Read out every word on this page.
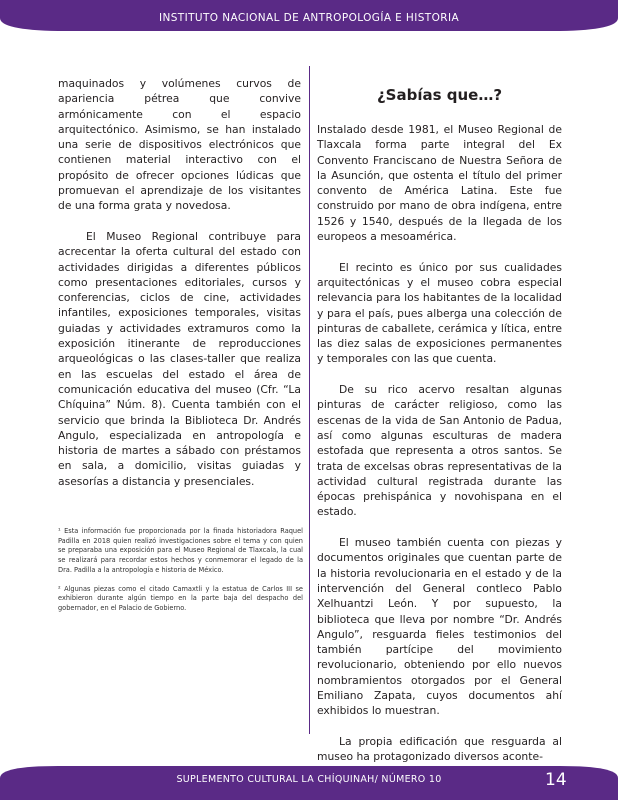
INSTITUTO NACIONAL DE ANTROPOLOGÍA E HISTORIA

maquinados y volúmenes curvos de apariencia pétrea que convive armónicamente con el espacio arquitectónico. Asimismo, se han instalado una serie de dispositivos electrónicos que contienen material interactivo con el propósito de ofrecer opciones lúdicas que promuevan el aprendizaje de los visitantes de una forma grata y novedosa.

El Museo Regional contribuye para acrecentar la oferta cultural del estado con actividades dirigidas a diferentes públicos como presentaciones editoriales, cursos y conferencias, ciclos de cine, actividades infantiles, exposiciones temporales, visitas guiadas y actividades extramuros como la exposición itinerante de reproducciones arqueológicas o las clases-taller que realiza en las escuelas del estado el área de comunicación educativa del museo (Cfr. “La Chíquina” Núm. 8). Cuenta también con el servicio que brinda la Biblioteca Dr. Andrés Angulo, especializada en antropología e historia de martes a sábado con préstamos en sala, a domicilio, visitas guiadas y asesorías a distancia y presenciales.

¹ Esta información fue proporcionada por la finada historiadora Raquel Padilla en 2018 quien realizó investigaciones sobre el tema y con quien se preparaba una exposición para el Museo Regional de Tlaxcala, la cual se realizará para recordar estos hechos y conmemorar el legado de la Dra. Padilla a la antropología e historia de México.

² Algunas piezas como el citado Camaxtli y la estatua de Carlos III se exhibieron durante algún tiempo en la parte baja del despacho del gobernador, en el Palacio de Gobierno.

¿Sabías que…?

Instalado desde 1981, el Museo Regional de Tlaxcala forma parte integral del Ex Convento Franciscano de Nuestra Señora de la Asunción, que ostenta el título del primer convento de América Latina. Este fue construido por mano de obra indígena, entre 1526 y 1540, después de la llegada de los europeos a mesoamérica.

El recinto es único por sus cualidades arquitectónicas y el museo cobra especial relevancia para los habitantes de la localidad y para el país, pues alberga una colección de pinturas de caballete, cerámica y lítica, entre las diez salas de exposiciones permanentes y temporales con las que cuenta.

De su rico acervo resaltan algunas pinturas de carácter religioso, como las escenas de la vida de San Antonio de Padua, así como algunas esculturas de madera estofada que representa a otros santos. Se trata de excelsas obras representativas de la actividad cultural registrada durante las épocas prehispánica y novohispana en el estado.

El museo también cuenta con piezas y documentos originales que cuentan parte de la historia revolucionaria en el estado y de la intervención del General contleco Pablo Xelhuantzi León. Y por supuesto, la biblioteca que lleva por nombre “Dr. Andrés Angulo”, resguarda fieles testimonios del también partícipe del movimiento revolucionario, obteniendo por ello nuevos nombramientos otorgados por el General Emiliano Zapata, cuyos documentos ahí exhibidos lo muestran.

La propia edificación que resguarda al museo ha protagonizado diversos aconte-

SUPLEMENTO CULTURAL LA CHÍQUINAH/ NÚMERO 10	14
